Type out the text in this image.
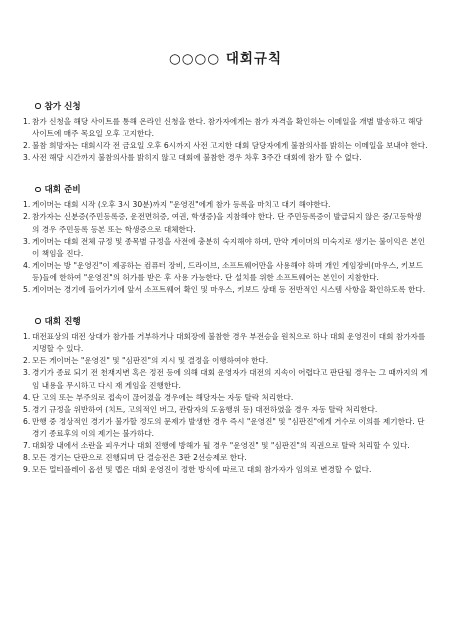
○○○○ 대회규칙
참가 신청
1. 참가 신청을 해당 사이트를 통해 온라인 신청을 한다. 참가자에게는 참가 자격을 확인하는 이메일을 개별 발송하고 해당 사이트에 매주 목요일 오후 고지한다.
2. 불참 희망자는 대회시각 전 금요일 오후 6시까지 사전 고지한 대회 담당자에게 불참의사를 밝히는 이메일을 보내야 한다.
3. 사전 해당 시간까지 불참의사를 밝히지 않고 대회에 불참한 경우 차후 3주간 대회에 참가 할 수 없다.
대회 준비
1. 게이머는 대회 시작 (오후 3시 30분)까지 "운영진"에게 참가 등록을 마치고 대기 해야한다.
2. 참가자는 신분증(주민등록증, 운전면허증, 여권, 학생증)을 지참해야 한다. 단 주민등록증이 발급되지 않은 중/고등학생의 경우 주민등록 등본 또는 학생증으로 대체한다.
3. 게이머는 대회 전체 규정 및 종목별 규정을 사전에 충분히 숙지해야 하며, 만약 게이머의 미숙지로 생기는 불이익은 본인이 책임을 진다.
4. 게이머는 방 "운영진"이 제공하는 컴퓨터 장비, 드라이브, 소프트웨어만을 사용해야 하며 개인 게임장비(마우스, 키보드 등)들에 한하여 "운영진"의 허가를 받은 후 사용 가능한다. 단 설치를 위한 소프트웨어는 본인이 지참한다.
5. 게이머는 경기에 들어가기에 앞서 소프트웨어 확인 및 마우스, 키보드 상태 등 전반적인 시스템 사항을 확인하도록 한다.
대회 진행
1. 대전표상의 대전 상대가 참가를 거부하거나 대회장에 불참한 경우 부전승을 원칙으로 하나 대회 운영진이 대회 참가자를 지명할 수 있다.
2. 모든 게이머는 "운영진" 및 "심판진"의 지시 및 결정을 이행하여야 한다.
3. 경기가 종료 되기 전 천재지변 혹은 정전 등에 의해 대회 운영자가 대전의 지속이 어렵다고 판단될 경우는 그 때까지의 게임 내용을 무시하고 다시 재 게임을 진행한다.
4. 단 고의 또는 부주의로 접속이 끊어졌을 경우에는 해당자는 자동 탈락 처리한다.
5. 경기 규정을 위반하여 (치트, 고의적인 버그, 관람자의 도움행위 등) 대전하였을 경우 자동 탈락 처리한다.
6. 만행 중 정상적인 경기가 불가할 정도의 문제가 발생한 경우 즉시 "운영진" 및 "심판진"에게 거수로 이의를 제기한다. 단 경기 종료후의 이의 제기는 불가하다.
7. 대회장 내에서 소란을 피우거나 대회 진행에 방해가 될 경우 "운영진" 및 "심판진"의 직권으로 탈락 처리할 수 있다.
8. 모든 경기는 단판으로 진행되며 단 결승전은 3판 2선승제로 한다.
9. 모든 멀티플레이 옵션 및 맵은 대회 운영진이 정한 방식에 따르고 대회 참가자가 임의로 변경할 수 없다.
